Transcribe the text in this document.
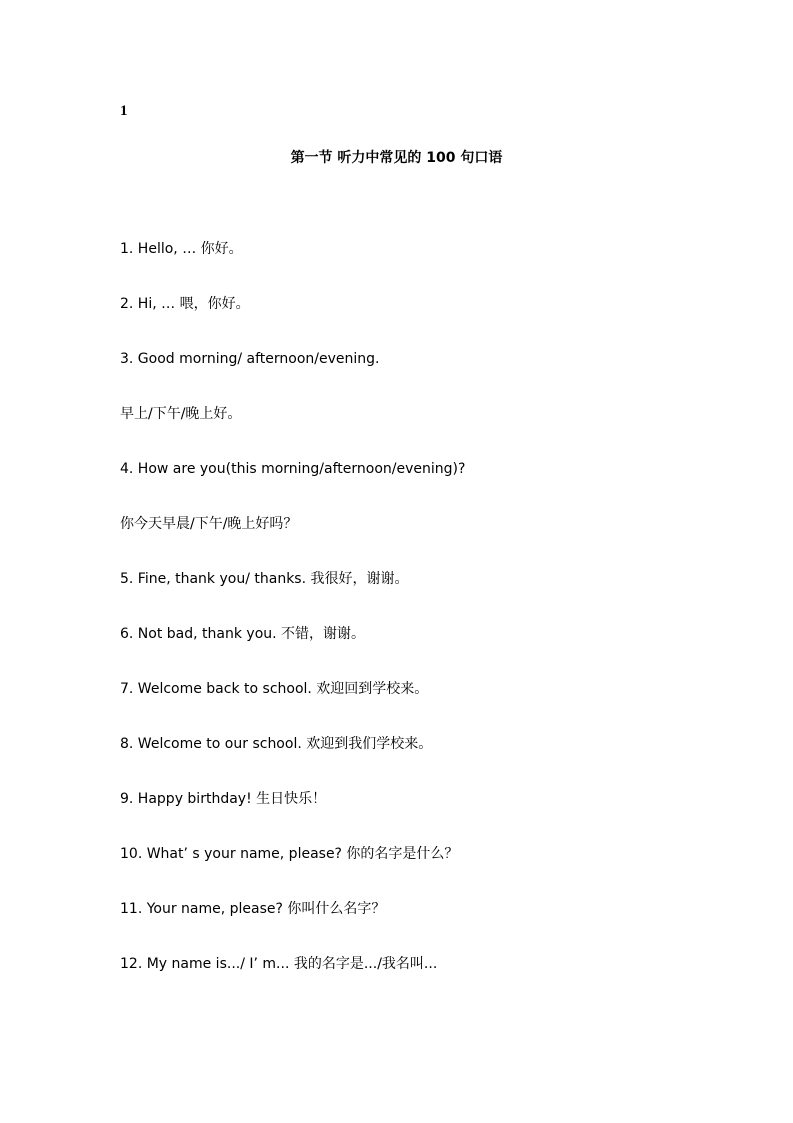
1
第一节 听力中常见的 100 句口语
1. Hello, … 你好。
2. Hi, … 喂，你好。
3. Good morning/ afternoon/evening.
早上/下午/晚上好。
4. How are you(this morning/afternoon/evening)?
你今天早晨/下午/晚上好吗？
5. Fine, thank you/ thanks. 我很好，谢谢。
6. Not bad, thank you. 不错，谢谢。
7. Welcome back to school. 欢迎回到学校来。
8. Welcome to our school. 欢迎到我们学校来。
9. Happy birthday! 生日快乐！
10. What’ s your name, please? 你的名字是什么？
11. Your name, please? 你叫什么名字？
12. My name is.../ I’ m... 我的名字是.../我名叫...
